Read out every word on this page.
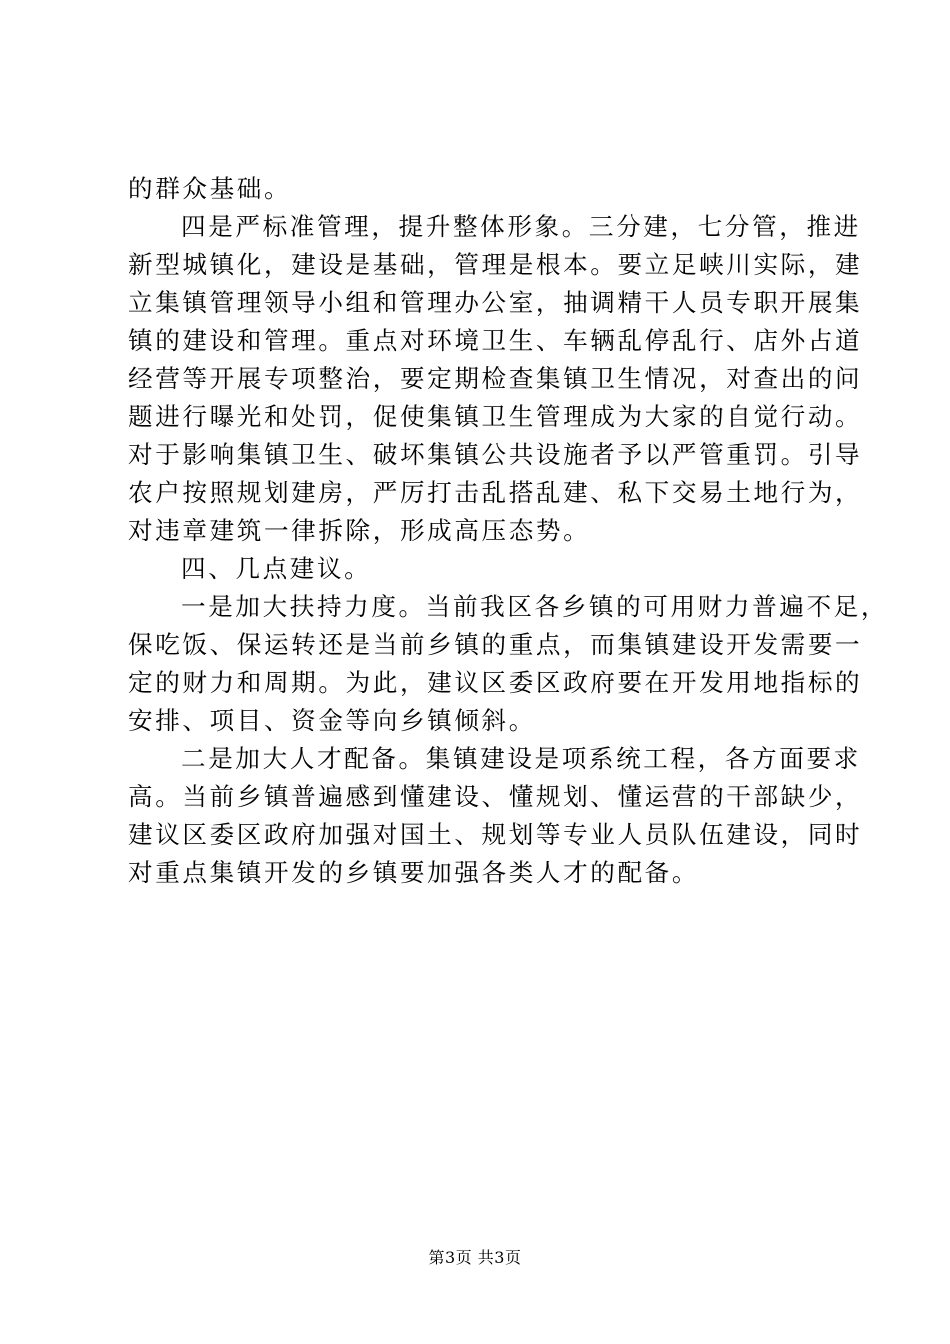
的群众基础。
四是严标准管理，提升整体形象。三分建，七分管，推进
新型城镇化，建设是基础，管理是根本。要立足峡川实际，建
立集镇管理领导小组和管理办公室，抽调精干人员专职开展集
镇的建设和管理。重点对环境卫生、车辆乱停乱行、店外占道
经营等开展专项整治，要定期检查集镇卫生情况，对查出的问
题进行曝光和处罚，促使集镇卫生管理成为大家的自觉行动。
对于影响集镇卫生、破坏集镇公共设施者予以严管重罚。引导
农户按照规划建房，严厉打击乱搭乱建、私下交易土地行为，
对违章建筑一律拆除，形成高压态势。
四、几点建议。
一是加大扶持力度。当前我区各乡镇的可用财力普遍不足，
保吃饭、保运转还是当前乡镇的重点，而集镇建设开发需要一
定的财力和周期。为此，建议区委区政府要在开发用地指标的
安排、项目、资金等向乡镇倾斜。
二是加大人才配备。集镇建设是项系统工程，各方面要求
高。当前乡镇普遍感到懂建设、懂规划、懂运营的干部缺少，
建议区委区政府加强对国土、规划等专业人员队伍建设，同时
对重点集镇开发的乡镇要加强各类人才的配备。
第3页 共3页
